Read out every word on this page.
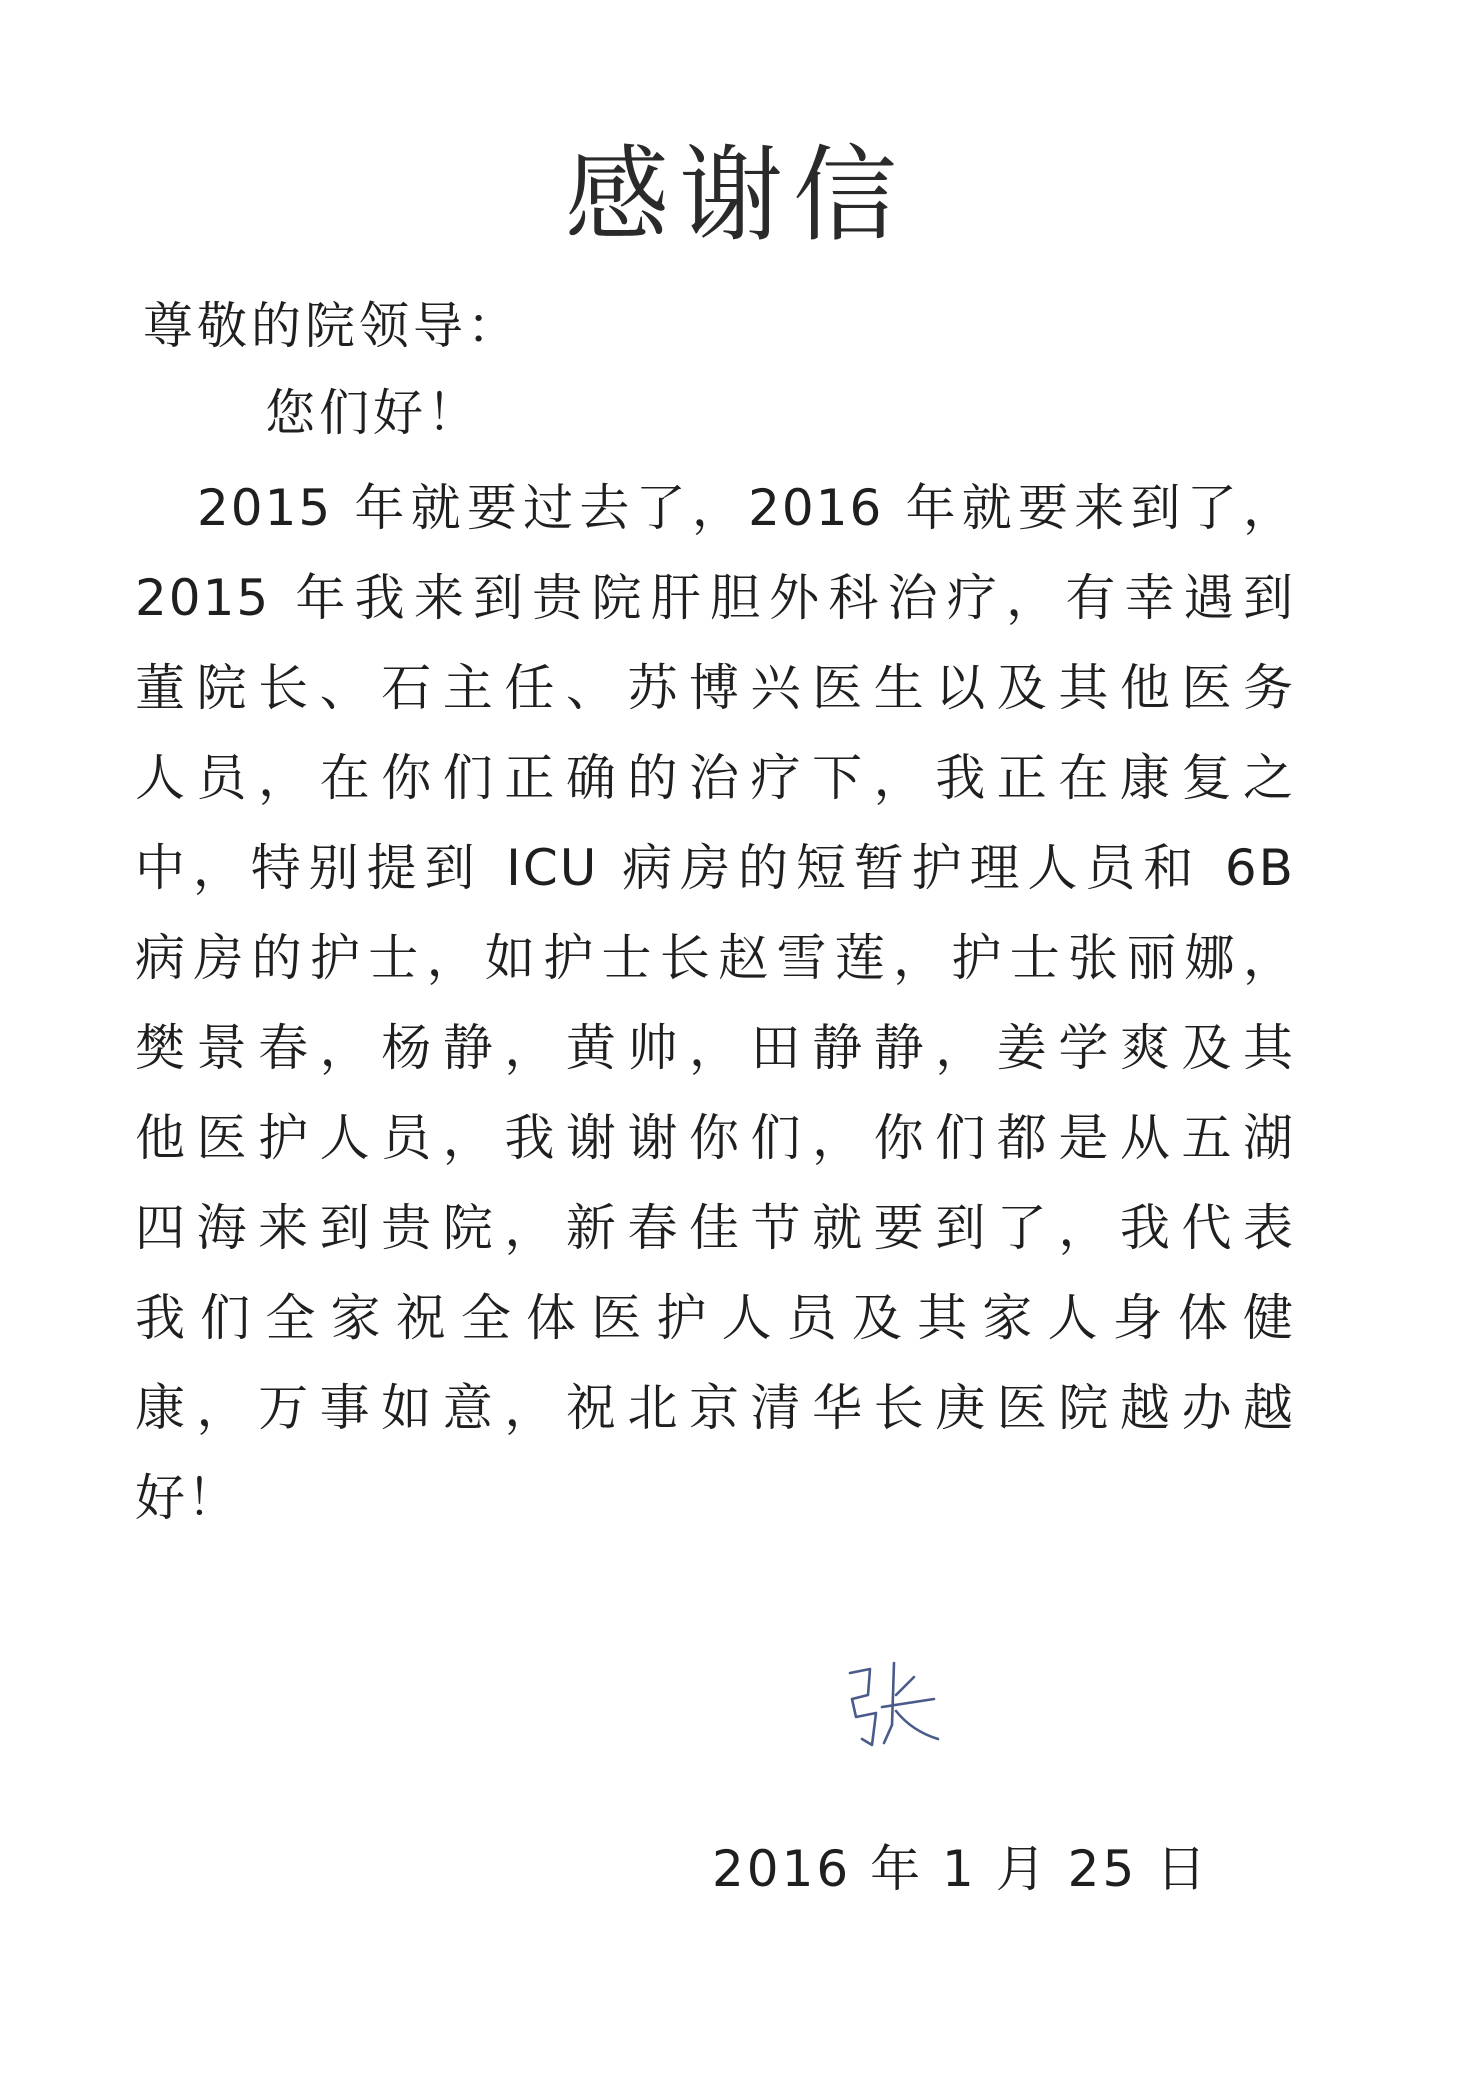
感谢信
尊敬的院领导：
您们好！
2015 年就要过去了，2016 年就要来到了，
2015 年我来到贵院肝胆外科治疗，有幸遇到
董院长、石主任、苏博兴医生以及其他医务
人员，在你们正确的治疗下，我正在康复之
中，特别提到 ICU 病房的短暂护理人员和 6B
病房的护士，如护士长赵雪莲，护士张丽娜，
樊景春，杨静，黄帅，田静静，姜学爽及其
他医护人员，我谢谢你们，你们都是从五湖
四海来到贵院，新春佳节就要到了，我代表
我们全家祝全体医护人员及其家人身体健
康，万事如意，祝北京清华长庚医院越办越
好！
2016 年 1 月 25 日
